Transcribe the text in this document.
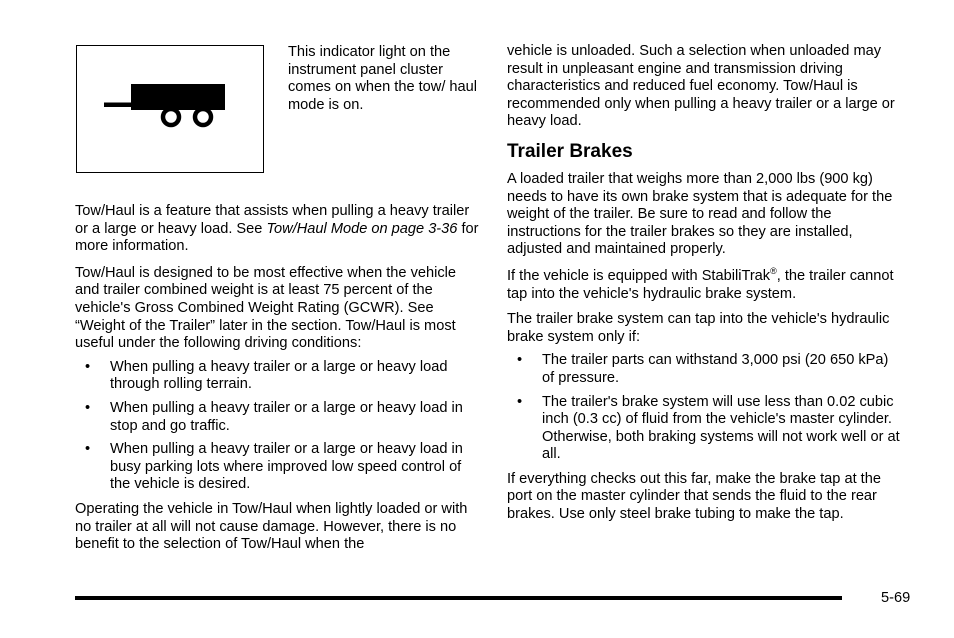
This indicator light on the instrument panel cluster comes on when the tow/ haul mode is on.

Tow/Haul is a feature that assists when pulling a heavy trailer or a large or heavy load. See Tow/Haul Mode on page 3-36 for more information.

Tow/Haul is designed to be most effective when the vehicle and trailer combined weight is at least 75 percent of the vehicle's Gross Combined Weight Rating (GCWR). See “Weight of the Trailer” later in the section. Tow/Haul is most useful under the following driving conditions:

• When pulling a heavy trailer or a large or heavy load through rolling terrain.

• When pulling a heavy trailer or a large or heavy load in stop and go traffic.

• When pulling a heavy trailer or a large or heavy load in busy parking lots where improved low speed control of the vehicle is desired.

Operating the vehicle in Tow/Haul when lightly loaded or with no trailer at all will not cause damage. However, there is no benefit to the selection of Tow/Haul when the

vehicle is unloaded. Such a selection when unloaded may result in unpleasant engine and transmission driving characteristics and reduced fuel economy. Tow/Haul is recommended only when pulling a heavy trailer or a large or heavy load.

Trailer Brakes

A loaded trailer that weighs more than 2,000 lbs (900 kg) needs to have its own brake system that is adequate for the weight of the trailer. Be sure to read and follow the instructions for the trailer brakes so they are installed, adjusted and maintained properly.

If the vehicle is equipped with StabiliTrak®, the trailer cannot tap into the vehicle's hydraulic brake system.

The trailer brake system can tap into the vehicle's hydraulic brake system only if:

• The trailer parts can withstand 3,000 psi (20 650 kPa) of pressure.

• The trailer's brake system will use less than 0.02 cubic inch (0.3 cc) of fluid from the vehicle's master cylinder. Otherwise, both braking systems will not work well or at all.

If everything checks out this far, make the brake tap at the port on the master cylinder that sends the fluid to the rear brakes. Use only steel brake tubing to make the tap.

5-69
